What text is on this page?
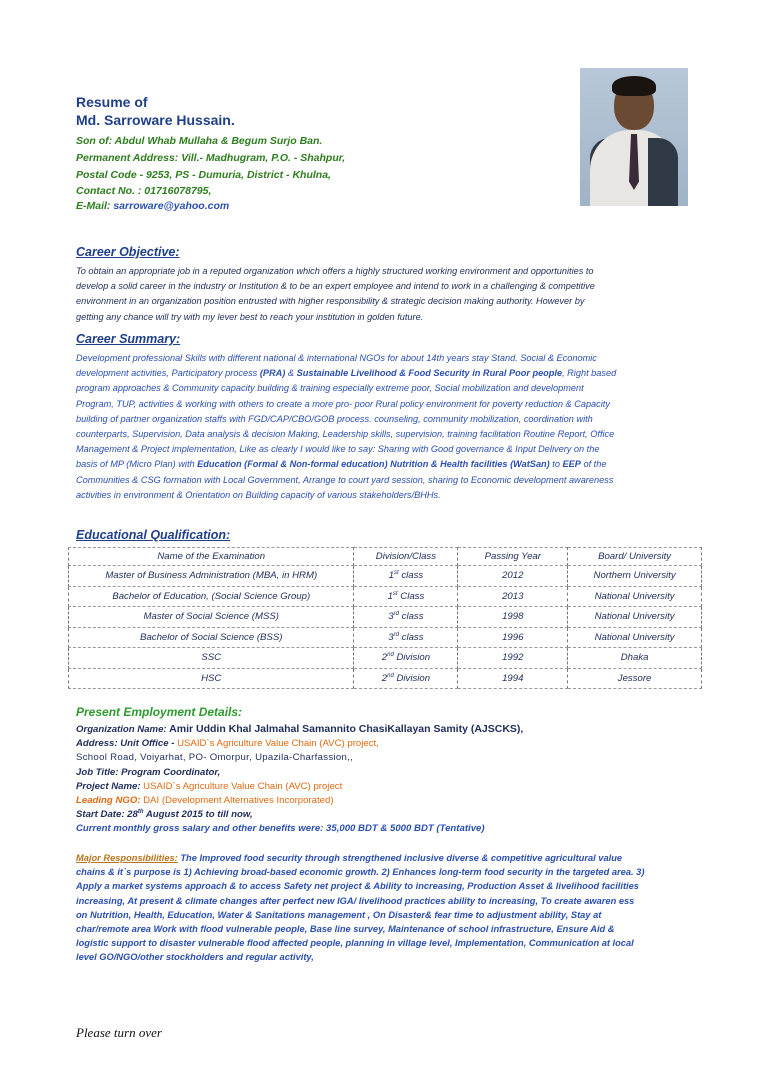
Resume of
Md. Sarroware Hussain.
Son of: Abdul Whab Mullaha & Begum Surjo Ban.
Permanent Address: Vill.- Madhugram, P.O. - Shahpur,
Postal Code - 9253, PS - Dumuria, District - Khulna,
Contact No. : 01716078795,
E-Mail: sarroware@yahoo.com
Career Objective:
To obtain an appropriate job in a reputed organization which offers a highly structured working environment and opportunities to
develop a solid career in the industry or Institution & to be an expert employee and intend to work in a challenging & competitive
environment in an organization position entrusted with higher responsibility & strategic decision making authority. However by
getting any chance will try with my lever best to reach your institution in golden future.
Career Summary:
Development professional Skills with different national & international NGOs for about 14th years stay Stand. Social & Economic
development activities, Participatory process (PRA) & Sustainable Livelihood & Food Security in Rural Poor people, Right based
program approaches & Community capacity building & training especially extreme poor, Social mobilization and development
Program, TUP, activities & working with others to create a more pro- poor Rural policy environment for poverty reduction & Capacity
building of partner organization staffs with FGD/CAP/CBO/GOB process. counseling, community mobilization, coordination with
counterparts, Supervision, Data analysis & decision Making, Leadership skills, supervision, training facilitation Routine Report, Office
Management & Project implementation, Like as clearly I would like to say: Sharing with Good governance & Input Delivery on the
basis of MP (Micro Plan) with Education (Formal & Non-formal education) Nutrition & Health facilities (WatSan) to EEP of the
Communities & CSG formation with Local Government, Arrange to court yard session, sharing to Economic development awareness
activities in environment & Orientation on Building capacity of various stakeholders/BHHs.
Educational Qualification:
Name of the Examination	Division/Class	Passing Year	Board/ University
Master of Business Administration (MBA, in HRM)	1st class	2012	Northern University
Bachelor of Education, (Social Science Group)	1st Class	2013	National University
Master of Social Science (MSS)	3rd class	1998	National University
Bachelor of Social Science (BSS)	3rd class	1996	National University
SSC	2nd Division	1992	Dhaka
HSC	2nd Division	1994	Jessore
Present Employment Details:
Organization Name: Amir Uddin Khal Jalmahal Samannito ChasiKallayan Samity (AJSCKS),
Address: Unit Office - USAID`s Agriculture Value Chain (AVC) project,
School Road, Voiyarhat, PO- Omorpur, Upazila-Charfassion,,
Job Title: Program Coordinator,
Project Name: USAID`s Agriculture Value Chain (AVC) project
Leading NGO: DAI (Development Alternatives Incorporated)
Start Date: 28th August 2015 to till now,
Current monthly gross salary and other benefits were: 35,000 BDT & 5000 BDT (Tentative)
Major Responsibilities: The Improved food security through strengthened inclusive diverse & competitive agricultural value
chains & it`s purpose is 1) Achieving broad-based economic growth. 2) Enhances long-term food security in the targeted area. 3)
Apply a market systems approach & to access Safety net project & Ability to increasing, Production Asset & livelihood facilities
increasing, At present & climate changes after perfect new IGA/ livelihood practices ability to increasing, To create awaren ess
on Nutrition, Health, Education, Water & Sanitations management , On Disaster& fear time to adjustment ability, Stay at
char/remote area Work with flood vulnerable people, Base line survey, Maintenance of school infrastructure, Ensure Aid &
logistic support to disaster vulnerable flood affected people, planning in village level, Implementation, Communication at local
level GO/NGO/other stockholders and regular activity,
Please turn over
